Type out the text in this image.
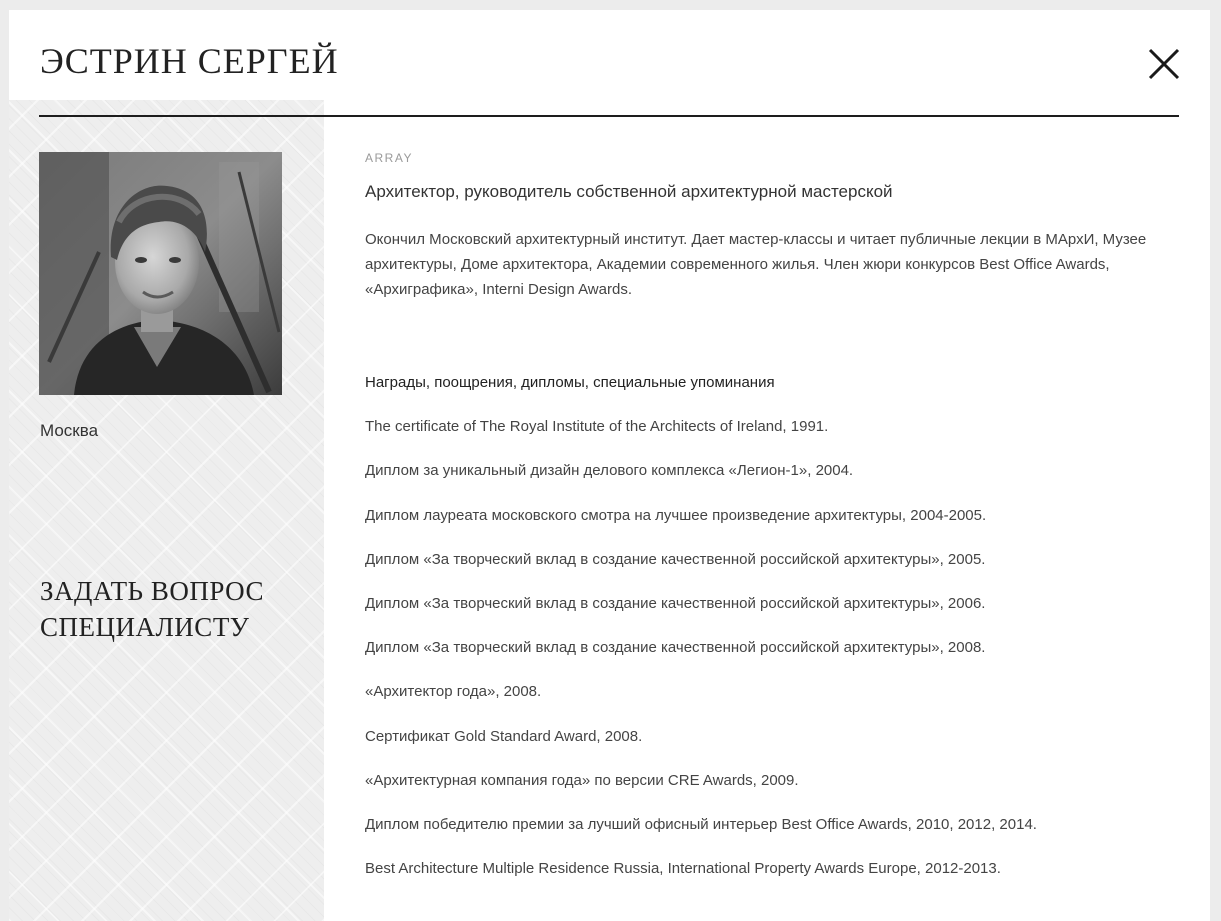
ЭСТРИН СЕРГЕЙ
Москва
ЗАДАТЬ ВОПРОС СПЕЦИАЛИСТУ
ARRAY
Архитектор, руководитель собственной архитектурной мастерской
Окончил Московский архитектурный институт. Дает мастер-классы и читает публичные лекции в МАрхИ, Музее архитектуры, Доме архитектора, Академии современного жилья. Член жюри конкурсов Best Office Awards, «Архиграфика», Interni Design Awards.
Награды, поощрения, дипломы, специальные упоминания
The certificate of The Royal Institute of the Architects of Ireland, 1991.
Диплом за уникальный дизайн делового комплекса «Легион-1», 2004.
Диплом лауреата московского смотра на лучшее произведение архитектуры, 2004-2005.
Диплом «За творческий вклад в создание качественной российской архитектуры», 2005.
Диплом «За творческий вклад в создание качественной российской архитектуры», 2006.
Диплом «За творческий вклад в создание качественной российской архитектуры», 2008.
«Архитектор года», 2008.
Сертификат Gold Standard Award, 2008.
«Архитектурная компания года» по версии CRE Awards, 2009.
Диплом победителю премии за лучший офисный интерьер Best Office Awards, 2010, 2012, 2014.
Best Architecture Multiple Residence Russia, International Property Awards Europe, 2012-2013.
